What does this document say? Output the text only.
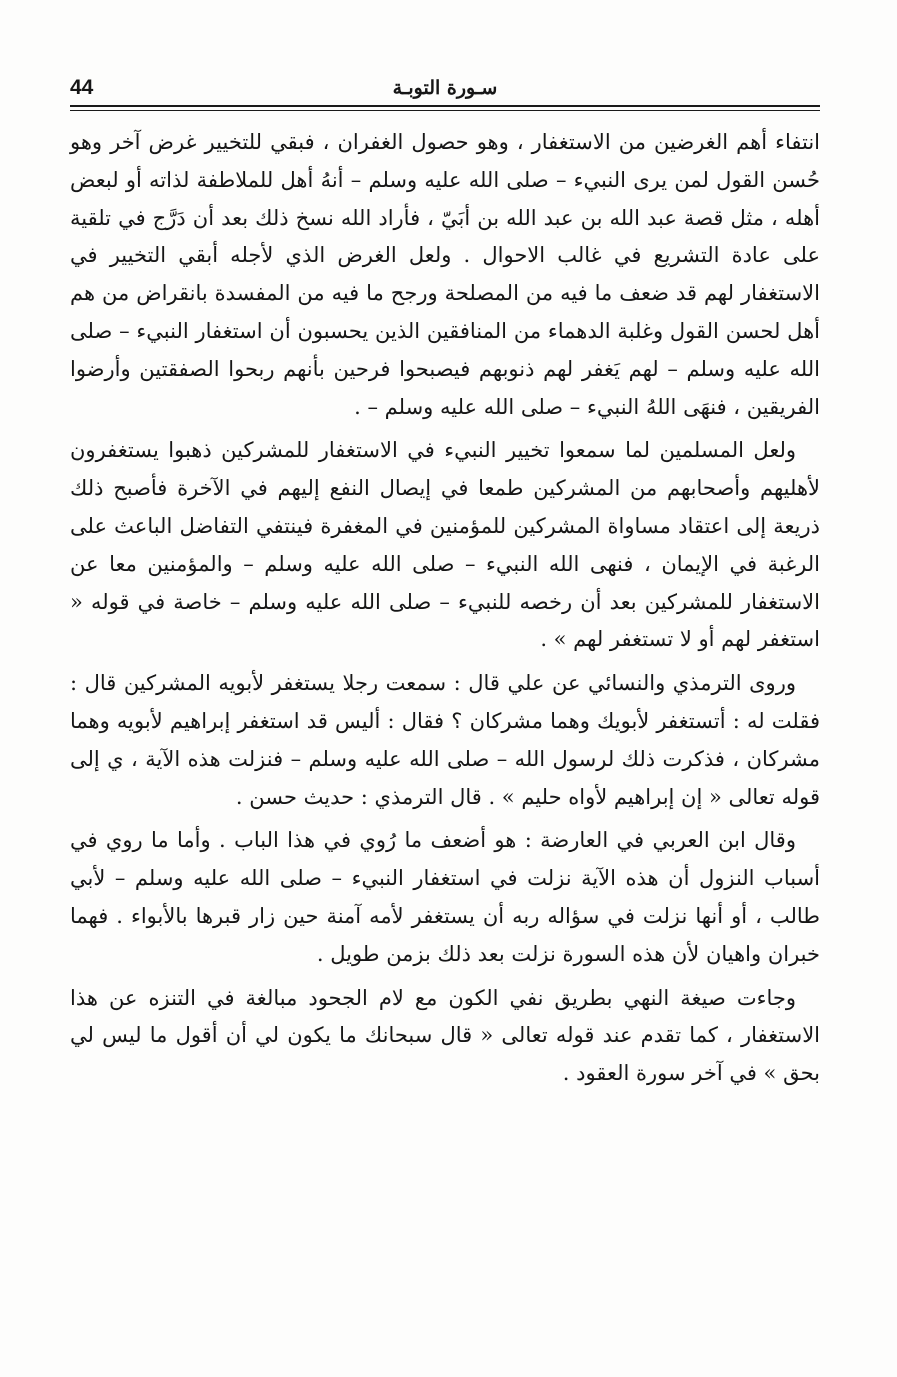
44	سـورة التوبـة

انتفاء أهم الغرضين من الاستغفار ، وهو حصول الغفران ، فبقي للتخيير غرض آخر وهو حُسن القول لمن يرى النبيء – صلى الله عليه وسلم – أنهُ أهل للملاطفة لذاته أو لبعض أهله ، مثل قصة عبد الله بن عبد الله بن أبَيّ ، فأراد الله نسخ ذلك بعد أن دَرَّج في تلقية على عادة التشريع في غالب الاحوال . ولعل الغرض الذي لأجله أبقي التخيير في الاستغفار لهم قد ضعف ما فيه من المصلحة ورجح ما فيه من المفسدة بانقراض من هم أهل لحسن القول وغلبة الدهماء من المنافقين الذين يحسبون أن استغفار النبيء – صلى الله عليه وسلم – لهم يَغفر لهم ذنوبهم فيصبحوا فرحين بأنهم ربحوا الصفقتين وأرضوا الفريقين ، فنهَى اللهُ النبيء – صلى الله عليه وسلم – .

ولعل المسلمين لما سمعوا تخيير النبيء في الاستغفار للمشركين ذهبوا يستغفرون لأهليهم وأصحابهم من المشركين طمعا في إيصال النفع إليهم في الآخرة فأصبح ذلك ذريعة إلى اعتقاد مساواة المشركين للمؤمنين في المغفرة فينتفي التفاضل الباعث على الرغبة في الإيمان ، فنهى الله النبيء – صلى الله عليه وسلم – والمؤمنين معا عن الاستغفار للمشركين بعد أن رخصه للنبيء – صلى الله عليه وسلم – خاصة في قوله « استغفر لهم أو لا تستغفر لهم » .

وروى الترمذي والنسائي عن علي قال : سمعت رجلا يستغفر لأبويه المشركين قال : فقلت له : أتستغفر لأبويك وهما مشركان ؟ فقال : أليس قد استغفر إبراهيم لأبويه وهما مشركان ، فذكرت ذلك لرسول الله – صلى الله عليه وسلم – فنزلت هذه الآية ، ي إلى قوله تعالى « إن إبراهيم لأواه حليم » . قال الترمذي : حديث حسن .

وقال ابن العربي في العارضة : هو أضعف ما رُوي في هذا الباب . وأما ما روي في أسباب النزول أن هذه الآية نزلت في استغفار النبيء – صلى الله عليه وسلم – لأبي طالب ، أو أنها نزلت في سؤاله ربه أن يستغفر لأمه آمنة حين زار قبرها بالأبواء . فهما خبران واهيان لأن هذه السورة نزلت بعد ذلك بزمن طويل .

وجاءت صيغة النهي بطريق نفي الكون مع لام الجحود مبالغة في التنزه عن هذا الاستغفار ، كما تقدم عند قوله تعالى « قال سبحانك ما يكون لي أن أقول ما ليس لي بحق » في آخر سورة العقود .
